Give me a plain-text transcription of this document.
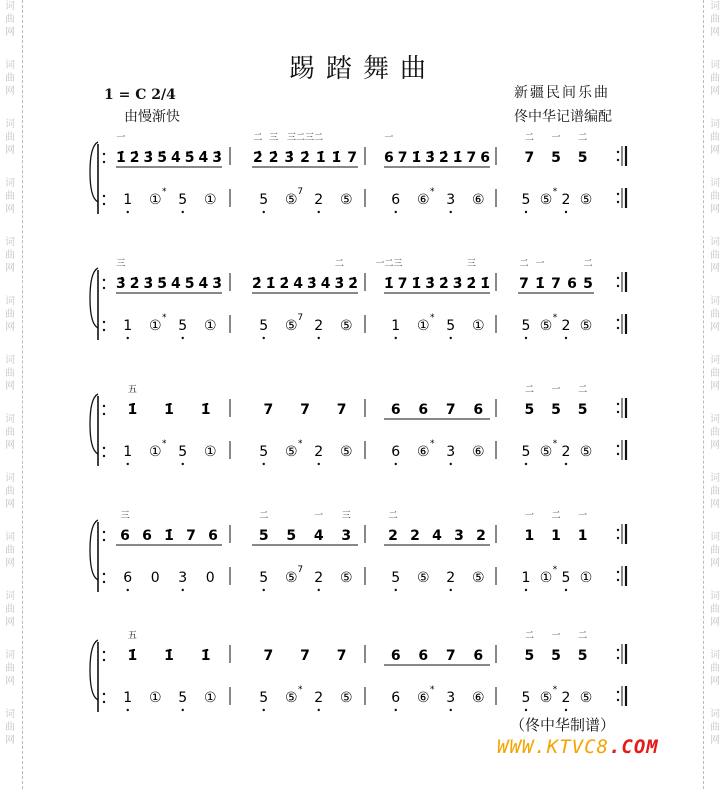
词
曲
网
词
曲
网
词
曲
网
词
曲
网
词
曲
网
词
曲
网
词
曲
网
词
曲
网
词
曲
网
词
曲
网
词
曲
网
词
曲
网
词
曲
网
词
曲
网
词
曲
网
词
曲
网
词
曲
网
词
曲
网
词
曲
网
词
曲
网
词
曲
网
词
曲
网
词
曲
网
词
曲
网
词
曲
网
词
曲
网
踢踏舞曲
1 = C 2/4
由慢渐快
新疆民间乐曲
佟中华记谱编配
1̇
一
2̇ 3̇ 5̇ 4̇ 5̇ 4̇ 3̇ 2̇
二
2̇
三
3̇ 2̇
三二三二
1̇ 1̇ 7 6
一
7 1̇ 3̇ 2̇ 1̇ 7 6 7
二
5
一
5
二
1 ① * 5 ①	5 ⑤ 7 2 ⑤	6 ⑥ * 3 ⑥	5 ⑤ * 2 ⑤
3̇
三
2̇ 3̇ 5̇ 4̇ 5̇ 4̇ 3̇ 2̇ 1̇ 2̇ 4̇ 3̇ 4̇ 3̇
二
2̇ 1̇
一二三
7 1̇ 3̇ 2̇ 3̇ 2̇
三
1̇ 7
二
1̇
一
7 6 5
二
1 ① * 5 ①	5 ⑤ 7 2 ⑤	1 ① * 5 ①	5 ⑤ * 2 ⑤
1̇
五
1̇ 1̇	7 7 7	6 6 7 6	5
二
5
一
5
二
1 ① * 5 ①	5 ⑤ * 2 ⑤	6 ⑥ * 3 ⑥	5 ⑤ * 2 ⑤
6
三
6 1̇ 7 6	5
二
5 4
一
3
三
2
二
2 4 3 2	1
一
1
二
1
一
6 0 3 0	5 ⑤ 7 2 ⑤	5 ⑤ 2 ⑤	1 ① * 5 ①
1̇
五
1̇ 1̇	7 7 7	6 6 7 6	5
二
5
一
5
二
1 ① 5 ①	5 ⑤ * 2 ⑤	6 ⑥ * 3 ⑥	5 ⑤ * 2 ⑤
（佟中华制谱）
WWW.KTVC8.COM
